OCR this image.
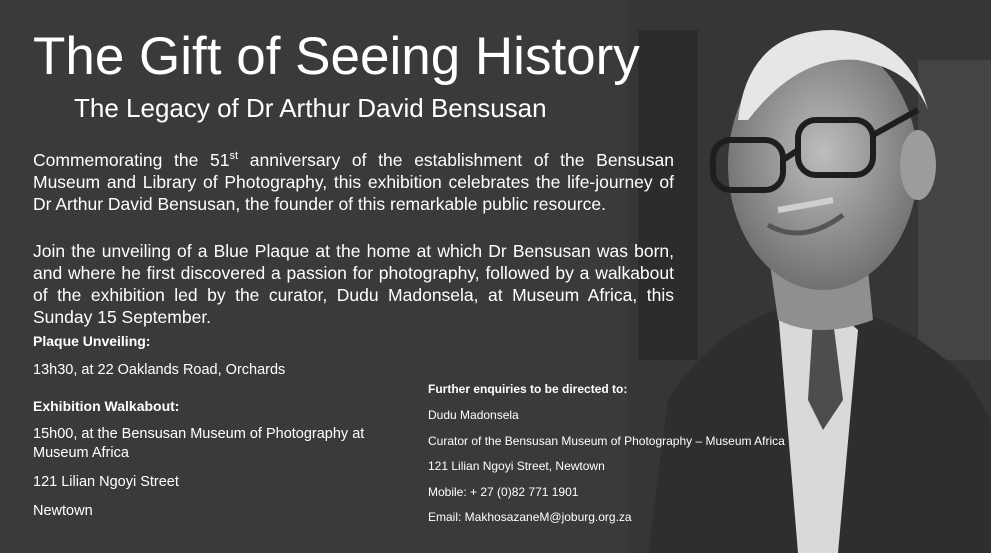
The Gift of Seeing History
The Legacy of Dr Arthur David Bensusan
Commemorating the 51st anniversary of the establishment of the Bensusan Museum and Library of Photography, this exhibition celebrates the life-journey of Dr Arthur David Bensusan, the founder of this remarkable public resource.
Join the unveiling of a Blue Plaque at the home at which Dr Bensusan was born, and where he first discovered a passion for photography, followed by a walkabout of the exhibition led by the curator, Dudu Madonsela, at Museum Africa, this Sunday 15 September.
Plaque Unveiling:
13h30, at 22 Oaklands Road, Orchards
Exhibition Walkabout:
15h00, at the Bensusan Museum of Photography at Museum Africa
121 Lilian Ngoyi Street
Newtown
Further enquiries to be directed to:
Dudu Madonsela
Curator of the Bensusan Museum of Photography – Museum Africa
121 Lilian Ngoyi Street, Newtown
Mobile: + 27 (0)82 771 1901
Email: MakhosazaneM@joburg.org.za
